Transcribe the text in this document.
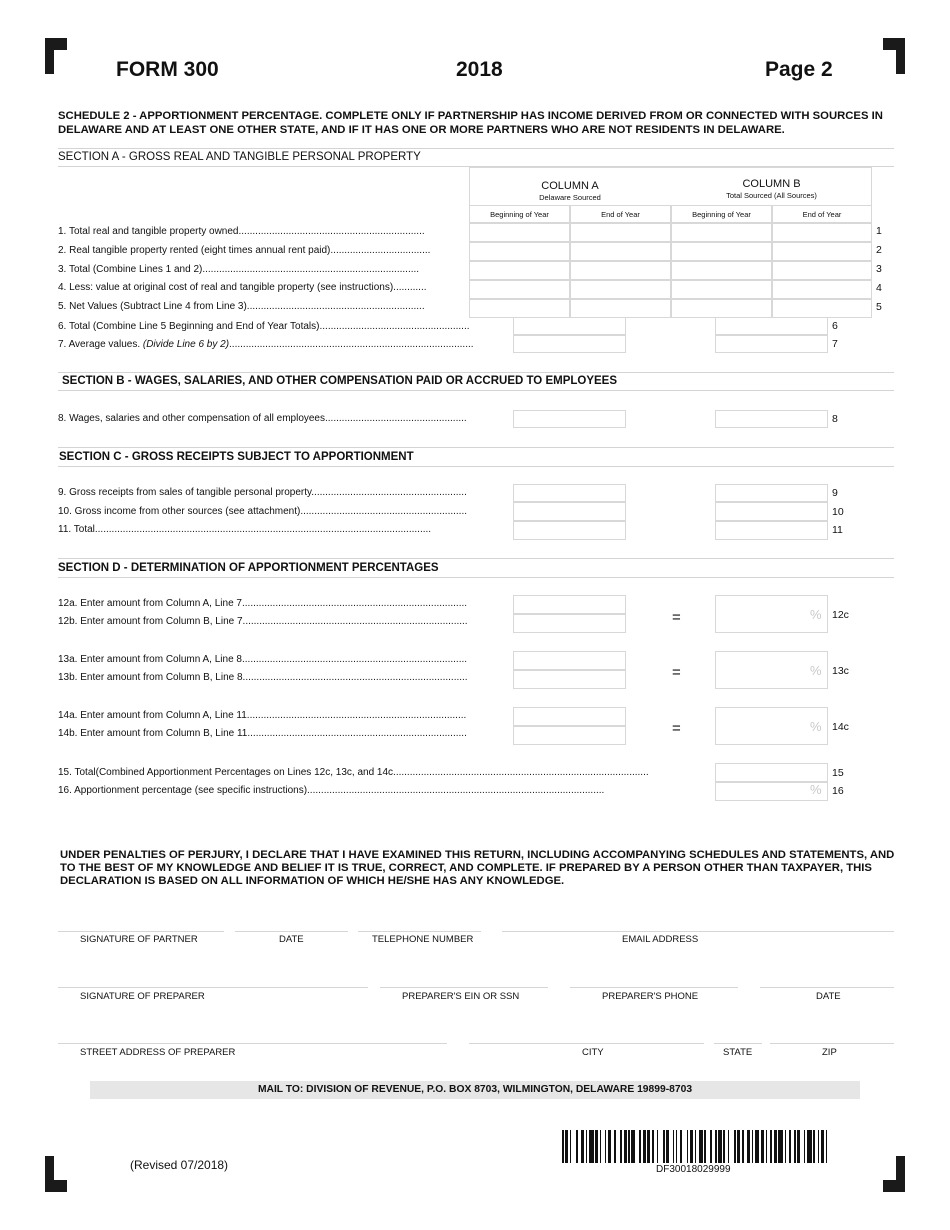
FORM 300	2018	Page 2
SCHEDULE 2 - APPORTIONMENT PERCENTAGE. COMPLETE ONLY IF PARTNERSHIP HAS INCOME DERIVED FROM OR CONNECTED WITH SOURCES IN DELAWARE AND AT LEAST ONE OTHER STATE, AND IF IT HAS ONE OR MORE PARTNERS WHO ARE NOT RESIDENTS IN DELAWARE.
SECTION A - GROSS REAL AND TANGIBLE PERSONAL PROPERTY
COLUMN A
Delaware Sourced
COLUMN B
Total Sourced (All Sources)
Beginning of Year	End of Year	Beginning of Year	End of Year
1. Total real and tangible property owned...................................................................	1
2. Real tangible property rented (eight times annual rent paid)....................................	2
3. Total (Combine Lines 1 and 2)..............................................................................	3
4. Less: value at original cost of real and tangible property (see instructions)............	4
5. Net Values (Subtract Line 4 from Line 3)................................................................	5
6. Total (Combine Line 5 Beginning and End of Year Totals)......................................................	6
7. Average values. (Divide Line 6 by 2)........................................................................................	7
SECTION B - WAGES, SALARIES, AND OTHER COMPENSATION PAID OR ACCRUED TO EMPLOYEES
8. Wages, salaries and other compensation of all employees...................................................	8
SECTION C - GROSS RECEIPTS SUBJECT TO APPORTIONMENT
9. Gross receipts from sales of tangible personal property........................................................	9
10. Gross income from other sources (see attachment)............................................................	10
11. Total.........................................................................................................................	11
SECTION D - DETERMINATION OF APPORTIONMENT PERCENTAGES
12a. Enter amount from Column A, Line 7.................................................................................
12b. Enter amount from Column B, Line 7.................................................................................	=	% 12c
13a. Enter amount from Column A, Line 8.................................................................................
13b. Enter amount from Column B, Line 8.................................................................................	=	% 13c
14a. Enter amount from Column A, Line 11...............................................................................
14b. Enter amount from Column B, Line 11...............................................................................	=	% 14c
15. Total(Combined Apportionment Percentages on Lines 12c, 13c, and 14c............................................................................................	15
16. Apportionment percentage (see specific instructions)...........................................................................................................	% 16
UNDER PENALTIES OF PERJURY, I DECLARE THAT I HAVE EXAMINED THIS RETURN, INCLUDING ACCOMPANYING SCHEDULES AND STATEMENTS, AND TO THE BEST OF MY KNOWLEDGE AND BELIEF IT IS TRUE, CORRECT, AND COMPLETE. IF PREPARED BY A PERSON OTHER THAN TAXPAYER, THIS DECLARATION IS BASED ON ALL INFORMATION OF WHICH HE/SHE HAS ANY KNOWLEDGE.
SIGNATURE OF PARTNER	DATE	TELEPHONE NUMBER	EMAIL ADDRESS
SIGNATURE OF PREPARER	PREPARER'S EIN OR SSN	PREPARER'S PHONE	DATE
STREET ADDRESS OF PREPARER	CITY	STATE	ZIP
MAIL TO: DIVISION OF REVENUE, P.O. BOX 8703, WILMINGTON, DELAWARE 19899-8703
(Revised 07/2018)	DF30018029999
